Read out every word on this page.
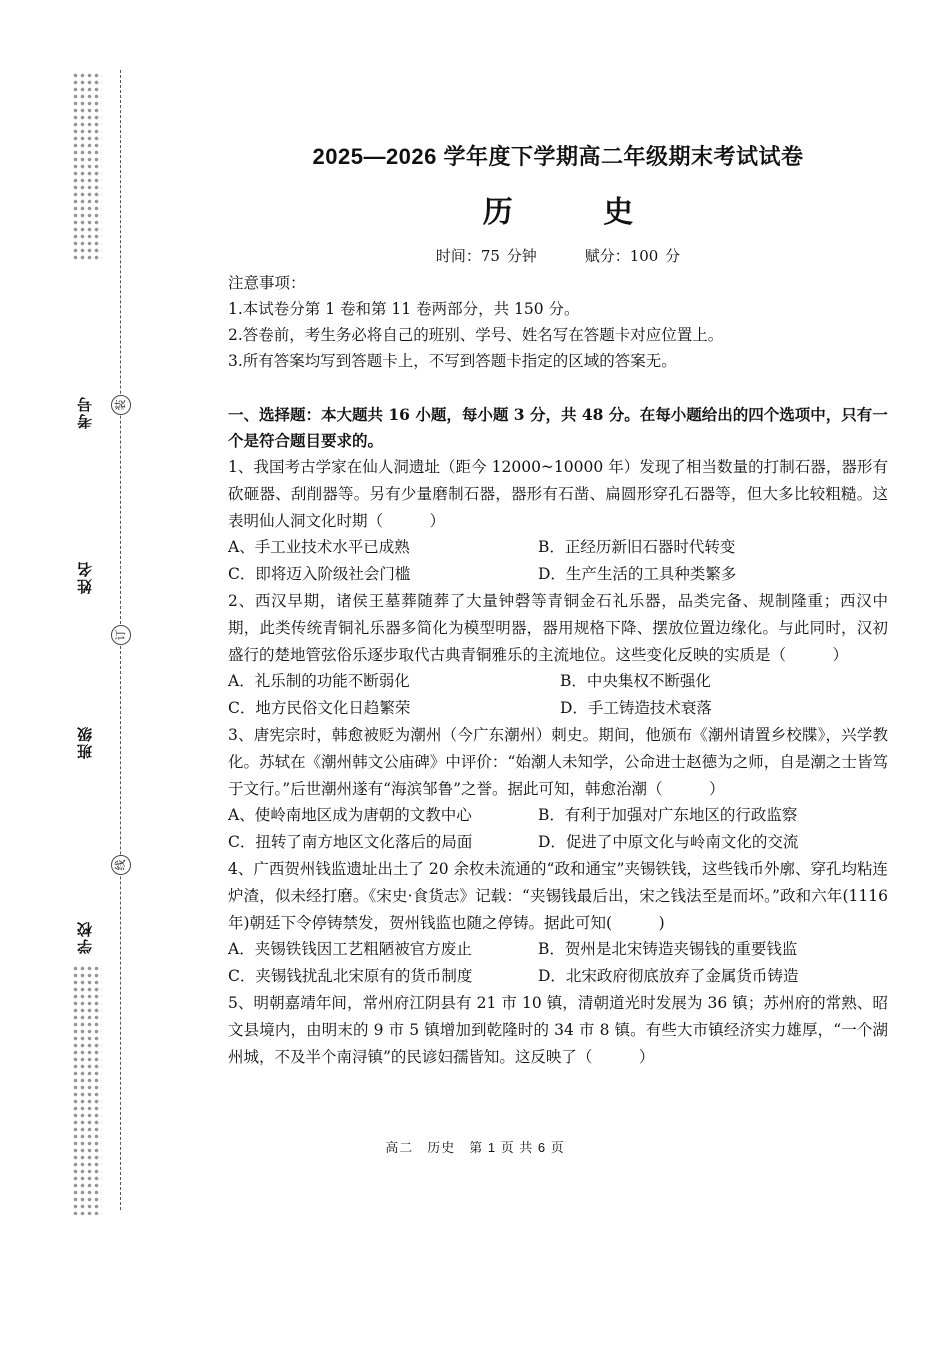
考号
姓名
班级
学校
装
订
线
2025—2026 学年度下学期高二年级期末考试试卷
历 史
时间：75 分钟	赋分：100 分
注意事项：
1.本试卷分第 1 卷和第 11 卷两部分，共 150 分。
2.答卷前，考生务必将自己的班别、学号、姓名写在答题卡对应位置上。
3.所有答案均写到答题卡上，不写到答题卡指定的区域的答案无。
一、选择题：本大题共 16 小题，每小题 3 分，共 48 分。在每小题给出的四个选项中，只有一个是符合题目要求的。
1、我国考古学家在仙人洞遗址（距今 12000~10000 年）发现了相当数量的打制石器，器形有砍砸器、刮削器等。另有少量磨制石器，器形有石凿、扁圆形穿孔石器等，但大多比较粗糙。这表明仙人洞文化时期（　　　）
A、手工业技术水平已成熟	B．正经历新旧石器时代转变
C．即将迈入阶级社会门槛	D．生产生活的工具种类繁多
2、西汉早期，诸侯王墓葬随葬了大量钟磬等青铜金石礼乐器，品类完备、规制隆重；西汉中期，此类传统青铜礼乐器多简化为模型明器，器用规格下降、摆放位置边缘化。与此同时，汉初盛行的楚地管弦俗乐逐步取代古典青铜雅乐的主流地位。这些变化反映的实质是（　　　）
A．礼乐制的功能不断弱化	B．中央集权不断强化
C．地方民俗文化日趋繁荣	D．手工铸造技术衰落
3、唐宪宗时，韩愈被贬为潮州（今广东潮州）刺史。期间，他颁布《潮州请置乡校牒》，兴学教化。苏轼在《潮州韩文公庙碑》中评价：“始潮人未知学，公命进士赵德为之师，自是潮之士皆笃于文行。”后世潮州遂有“海滨邹鲁”之誉。据此可知，韩愈治潮（　　　）
A、使岭南地区成为唐朝的文教中心	B．有利于加强对广东地区的行政监察
C．扭转了南方地区文化落后的局面	D．促进了中原文化与岭南文化的交流
4、广西贺州钱监遗址出土了 20 余枚未流通的“政和通宝”夹锡铁钱，这些钱币外廓、穿孔均粘连炉渣，似未经打磨。《宋史·食货志》记载：“夹锡钱最后出，宋之钱法至是而坏。”政和六年(1116 年)朝廷下令停铸禁发，贺州钱监也随之停铸。据此可知(　　　)
A．夹锡铁钱因工艺粗陋被官方废止	B．贺州是北宋铸造夹锡钱的重要钱监
C．夹锡钱扰乱北宋原有的货币制度	D．北宋政府彻底放弃了金属货币铸造
5、明朝嘉靖年间，常州府江阴县有 21 市 10 镇，清朝道光时发展为 36 镇；苏州府的常熟、昭文县境内，由明末的 9 市 5 镇增加到乾隆时的 34 市 8 镇。有些大市镇经济实力雄厚，“一个湖州城，不及半个南浔镇”的民谚妇孺皆知。这反映了（　　　）
高二　历史　第 1 页 共 6 页
